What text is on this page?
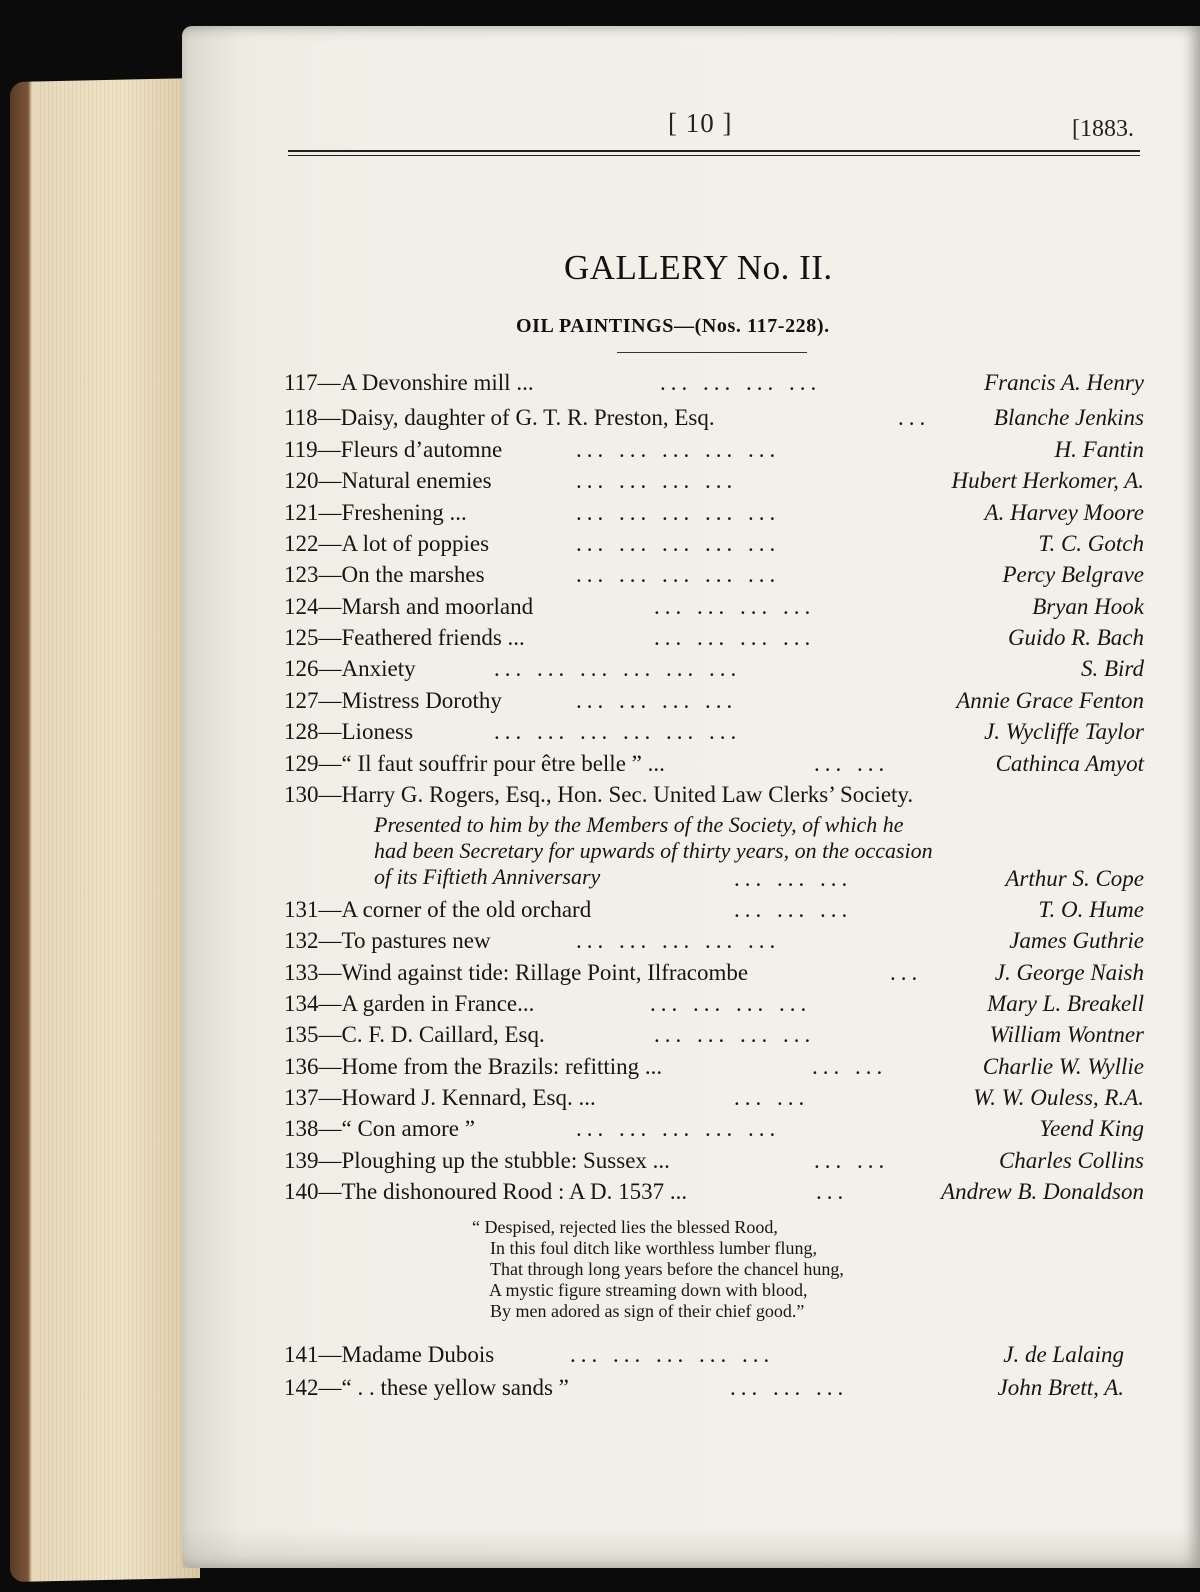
[ 10 ]	[1883.
GALLERY No. II.
OIL PAINTINGS—(Nos. 117-228).
117—A Devonshire mill ...	... ... ... ...	Francis A. Henry
118—Daisy, daughter of G. T. R. Preston, Esq.	...	Blanche Jenkins
119—Fleurs d’automne	... ... ... ... ...	H. Fantin
120—Natural enemies	... ... ... ...	Hubert Herkomer, A.
121—Freshening ...	... ... ... ... ...	A. Harvey Moore
122—A lot of poppies	... ... ... ... ...	T. C. Gotch
123—On the marshes	... ... ... ... ...	Percy Belgrave
124—Marsh and moorland	... ... ... ...	Bryan Hook
125—Feathered friends ...	... ... ... ...	Guido R. Bach
126—Anxiety	... ... ... ... ... ...	S. Bird
127—Mistress Dorothy	... ... ... ...	Annie Grace Fenton
128—Lioness	... ... ... ... ... ...	J. Wycliffe Taylor
129—“ Il faut souffrir pour être belle ” ...	... ...	Cathinca Amyot
130—Harry G. Rogers, Esq., Hon. Sec. United Law Clerks’ Society.
Presented to him by the Members of the Society, of which he
had been Secretary for upwards of thirty years, on the occasion
of its Fiftieth Anniversary	... ... ...	Arthur S. Cope
131—A corner of the old orchard	... ... ...	T. O. Hume
132—To pastures new	... ... ... ... ...	James Guthrie
133—Wind against tide: Rillage Point, Ilfracombe	...	J. George Naish
134—A garden in France...	... ... ... ...	Mary L. Breakell
135—C. F. D. Caillard, Esq.	... ... ... ...	William Wontner
136—Home from the Brazils: refitting ...	... ...	Charlie W. Wyllie
137—Howard J. Kennard, Esq. ...	... ...	W. W. Ouless, R.A.
138—“ Con amore ”	... ... ... ... ...	Yeend King
139—Ploughing up the stubble: Sussex ...	... ...	Charles Collins
140—The dishonoured Rood : A D. 1537 ...	...	Andrew B. Donaldson
“ Despised, rejected lies the blessed Rood,
In this foul ditch like worthless lumber flung,
That through long years before the chancel hung,
A mystic figure streaming down with blood,
By men adored as sign of their chief good.”
141—Madame Dubois	... ... ... ... ...	J. de Lalaing
142—“ . . these yellow sands ”	... ... ...	John Brett, A.
